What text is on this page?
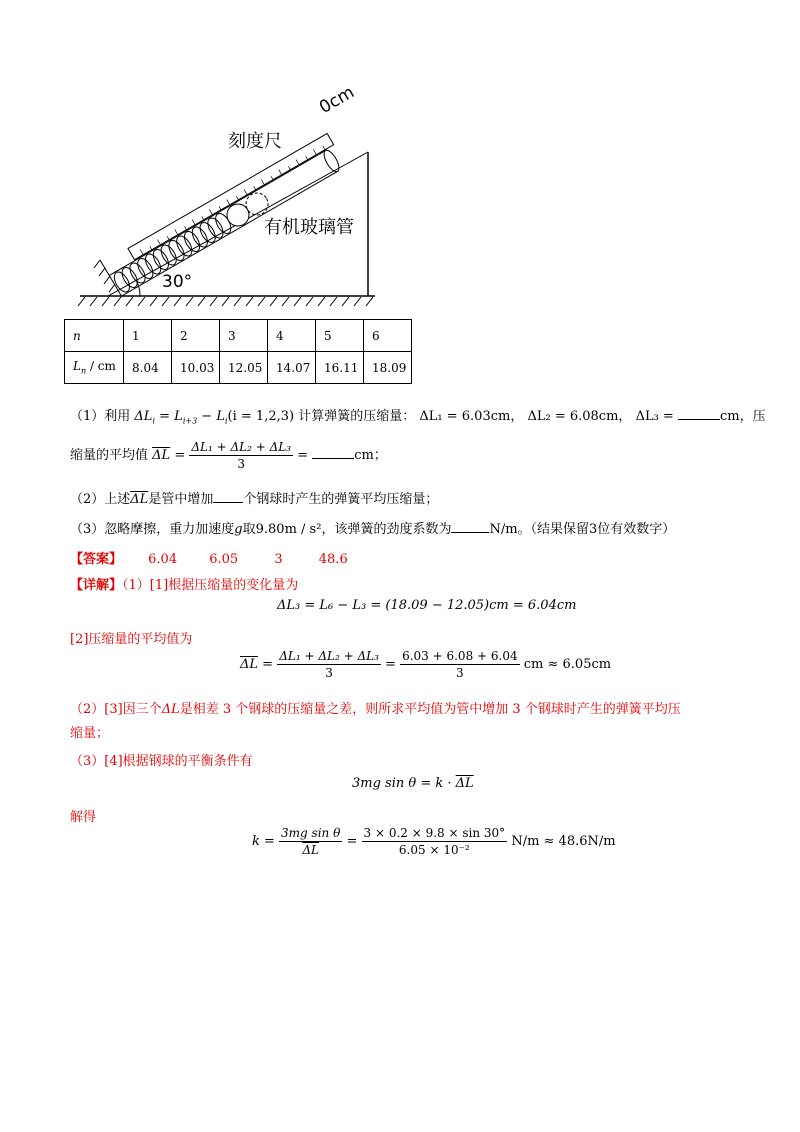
刻度尺
0cm
有机玻璃管
30°
n	1	2	3	4	5	6
$L_n$ / cm	8.04	10.03	12.05	14.07	16.11	18.09
（1）利用 $\Delta L_i = L_{i+3} - L_i(i = 1,2,3)$ 计算弹簧的压缩量： ΔL₁ = 6.03cm， ΔL₂ = 6.08cm， ΔL₃ =	cm，压
缩量的平均值 $\overline{\Delta L} = \frac{\text{ΔL₁ + ΔL₂ + ΔL₃}}{3}$ =	cm；
（2）上述$\overline{\Delta L}$是管中增加 个钢球时产生的弹簧平均压缩量；
（3）忽略摩擦，重力加速度g取9.80m / s²，该弹簧的劲度系数为	N/m。（结果保留3位有效数字）
【答案】 6.04 6.05	3	48.6
【详解】（1）[1]根据压缩量的变化量为
ΔL₃ = L₆ − L₃ = (18.09 − 12.05)cm = 6.04cm
[2]压缩量的平均值为
$\overline{\Delta L} = \frac{\text{ΔL₁ + ΔL₂ + ΔL₃}}{3} = \frac{6.03 + 6.08 + 6.04}{3}$ cm ≈ 6.05cm
（2）[3]因三个ΔL是相差 3 个钢球的压缩量之差，则所求平均值为管中增加 3 个钢球时产生的弹簧平均压
缩量；
（3）[4]根据钢球的平衡条件有
3mg $\sin \theta = k \cdot \overline{\Delta L}$
解得
$k = \frac{\text{3mg sin θ}}{\Delta L} = \frac{3 \times 0.2 \times 9.8 \times \sin 30^\circ}{\text{6.05 × 10⁻²}} N/m \approx 48.6N/m$
